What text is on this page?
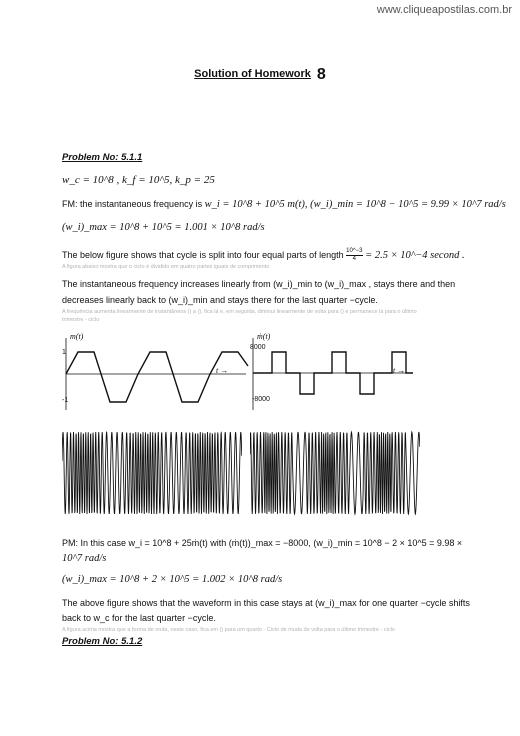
www.cliqueapostilas.com.br
Solution of Homework 8
Problem No: 5.1.1
w_c = 10^8 , k_f = 10^5, k_p = 25
FM: the instantaneous frequency is w_i = 10^8 + 10^5 m(t), (w_i)_min = 10^8 − 10^5 = 9.99 × 10^7 rad/s
(w_i)_max = 10^8 + 10^5 = 1.001 × 10^8 rad/s
The below figure shows that cycle is split into four equal parts of length $\frac{10\^{}-3}{4} = 2.5$ × 10^−4 second .
A figura abaixo mostra que o ciclo é dividido em quatro partes iguais de comprimento
The instantaneous frequency increases linearly from (w_i)_min to (w_i)_max , stays there and then
decreases linearly back to (w_i)_min and stays there for the last quarter −cycle.
A frequência aumenta linearmente de instantâneos () a (), fica lá e, em seguida, diminui linearmente de volta para () e permanece lá para o último
trimestre - ciclo
m(t)
1
-1
t →
ṁ(t)
8000
-8000
t →
PM: In this case w_i = 10^8 + 25ṁ(t) with (ṁ(t))_max = −8000, (w_i)_min = 10^8 − 2 × 10^5 = 9.98 ×
10^7 rad/s
(w_i)_max = 10^8 + 2 × 10^5 = 1.002 × 10^8 rad/s
The above figure shows that the waveform in this case stays at (w_i)_max for one quarter −cycle shifts
back to w_c for the last quarter −cycle.
A figura acima mostra que a forma de onda, neste caso, fica em () para um quarto - Ciclo de muda de volta para o último trimestre - ciclo
Problem No: 5.1.2
